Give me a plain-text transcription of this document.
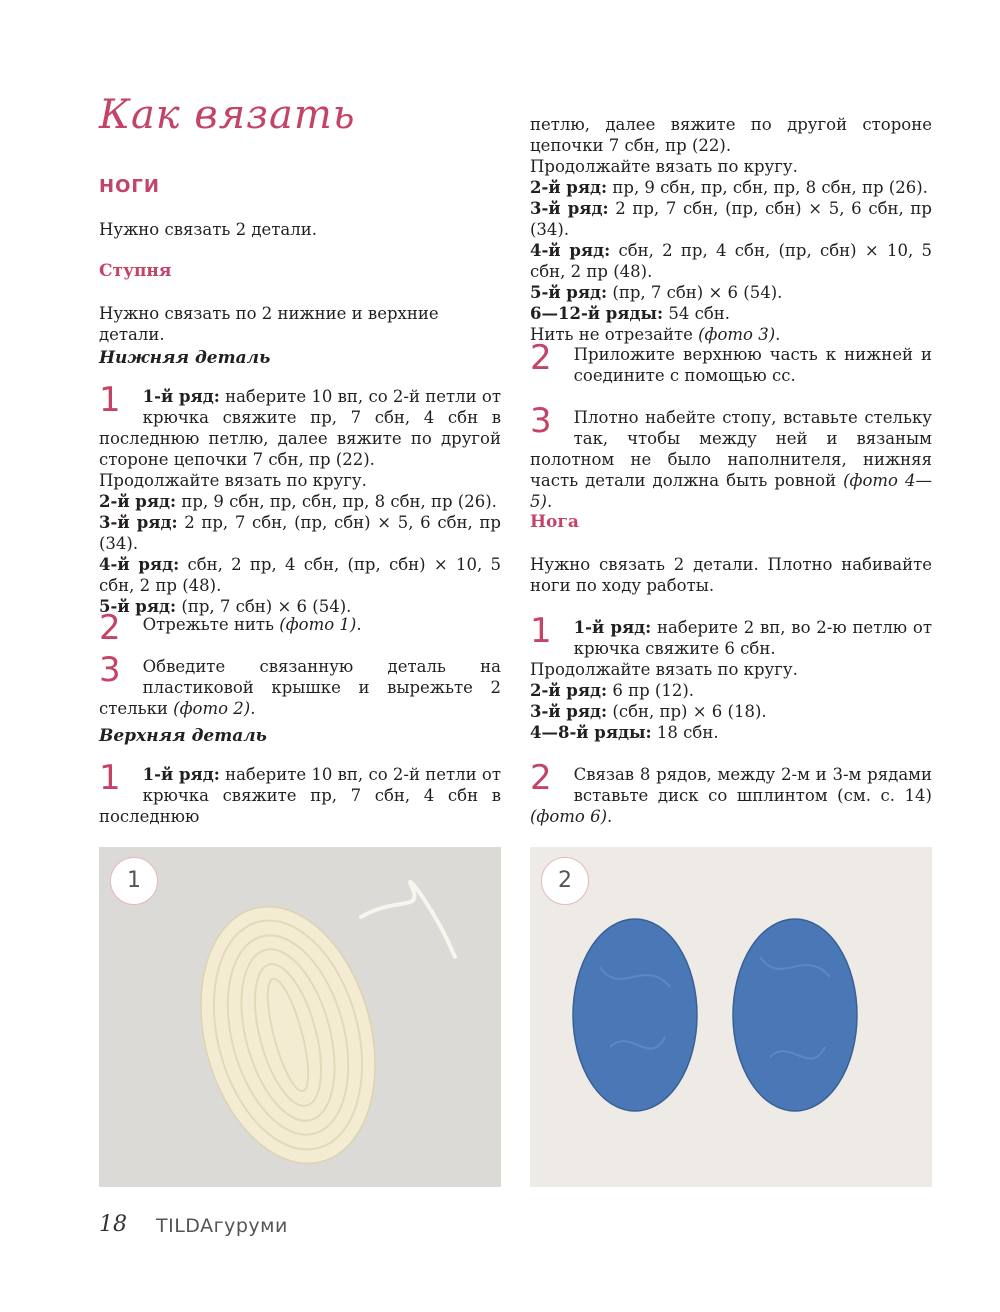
Как вязать
НОГИ
Нужно связать 2 детали.
Ступня
Нужно связать по 2 нижние и верхние детали.
Нижняя деталь
1 1-й ряд: наберите 10 вп, со 2-й петли от крючка свяжите пр, 7 сбн, 4 сбн в последнюю петлю, далее вяжите по другой стороне цепочки 7 сбн, пр (22).
Продолжайте вязать по кругу.
2-й ряд: пр, 9 сбн, пр, сбн, пр, 8 сбн, пр (26).
3-й ряд: 2 пр, 7 сбн, (пр, сбн) × 5, 6 сбн, пр (34).
4-й ряд: сбн, 2 пр, 4 сбн, (пр, сбн) × 10, 5 сбн, 2 пр (48).
5-й ряд: (пр, 7 сбн) × 6 (54).
2 Отрежьте нить (фото 1).
3 Обведите связанную деталь на пластиковой крышке и вырежьте 2 стельки (фото 2).
Верхняя деталь
1 1-й ряд: наберите 10 вп, со 2-й петли от крючка свяжите пр, 7 сбн, 4 сбн в последнюю
петлю, далее вяжите по другой стороне цепочки 7 сбн, пр (22).
Продолжайте вязать по кругу.
2-й ряд: пр, 9 сбн, пр, сбн, пр, 8 сбн, пр (26).
3-й ряд: 2 пр, 7 сбн, (пр, сбн) × 5, 6 сбн, пр (34).
4-й ряд: сбн, 2 пр, 4 сбн, (пр, сбн) × 10, 5 сбн, 2 пр (48).
5-й ряд: (пр, 7 сбн) × 6 (54).
6—12-й ряды: 54 сбн.
Нить не отрезайте (фото 3).
2 Приложите верхнюю часть к нижней и соедините с помощью сс.
3 Плотно набейте стопу, вставьте стельку так, чтобы между ней и вязаным полотном не было наполнителя, нижняя часть детали должна быть ровной (фото 4—5).
Нога
Нужно связать 2 детали. Плотно набивайте ноги по ходу работы.
1 1-й ряд: наберите 2 вп, во 2-ю петлю от крючка свяжите 6 сбн.
Продолжайте вязать по кругу.
2-й ряд: 6 пр (12).
3-й ряд: (сбн, пр) × 6 (18).
4—8-й ряды: 18 сбн.
2 Связав 8 рядов, между 2-м и 3-м рядами вставьте диск со шплинтом (см. с. 14) (фото 6).
1	2
18 TILDAгуруми
